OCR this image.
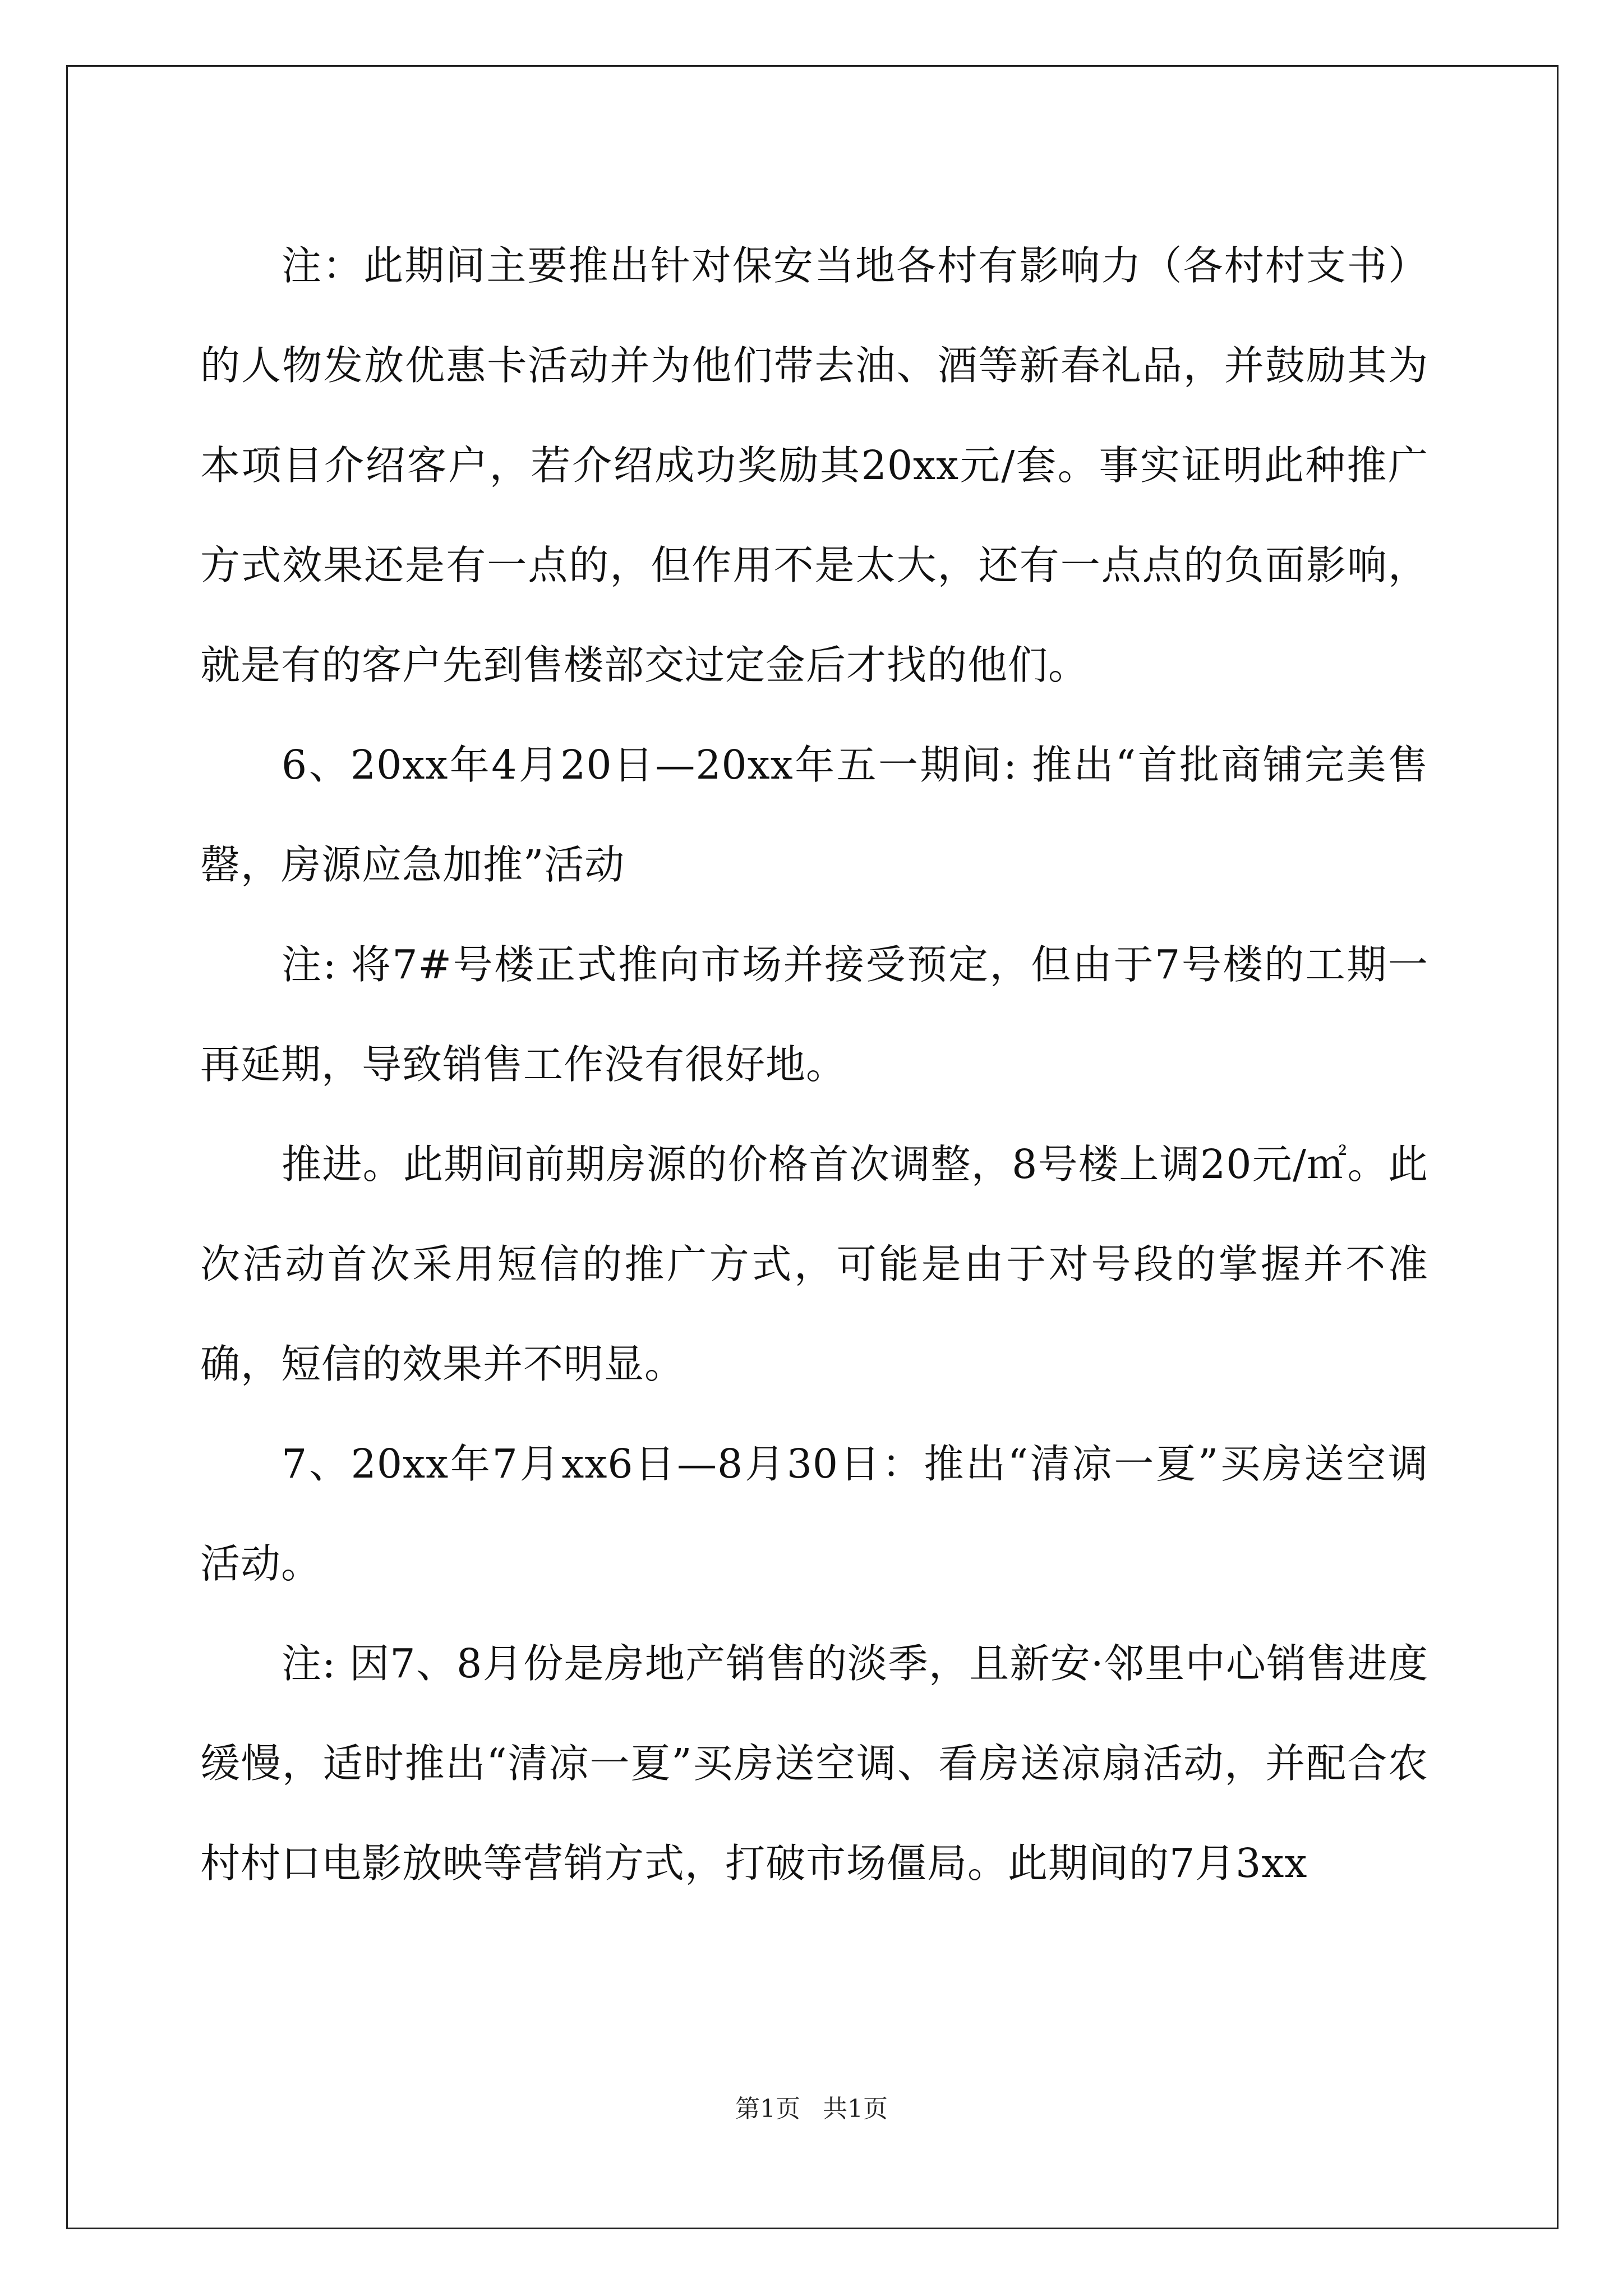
注：此期间主要推出针对保安当地各村有影响力（各村村支书）的人物发放优惠卡活动并为他们带去油、酒等新春礼品，并鼓励其为本项目介绍客户，若介绍成功奖励其20xx元/套。事实证明此种推广方式效果还是有一点的，但作用不是太大，还有一点点的负面影响，就是有的客户先到售楼部交过定金后才找的他们。

6、20xx年4月20日—20xx年五一期间: 推出“首批商铺完美售罄，房源应急加推”活动

注: 将7#号楼正式推向市场并接受预定，但由于7号楼的工期一再延期，导致销售工作没有很好地。

推进。此期间前期房源的价格首次调整，8号楼上调20元/㎡。此次活动首次采用短信的推广方式，可能是由于对号段的掌握并不准确，短信的效果并不明显。

7、20xx年7月xx6日—8月30日：推出“清凉一夏”买房送空调活动。

注: 因7、8月份是房地产销售的淡季，且新安·邻里中心销售进度缓慢，适时推出“清凉一夏”买房送空调、看房送凉扇活动，并配合农村村口电影放映等营销方式，打破市场僵局。此期间的7月3xx

第1页 共1页
